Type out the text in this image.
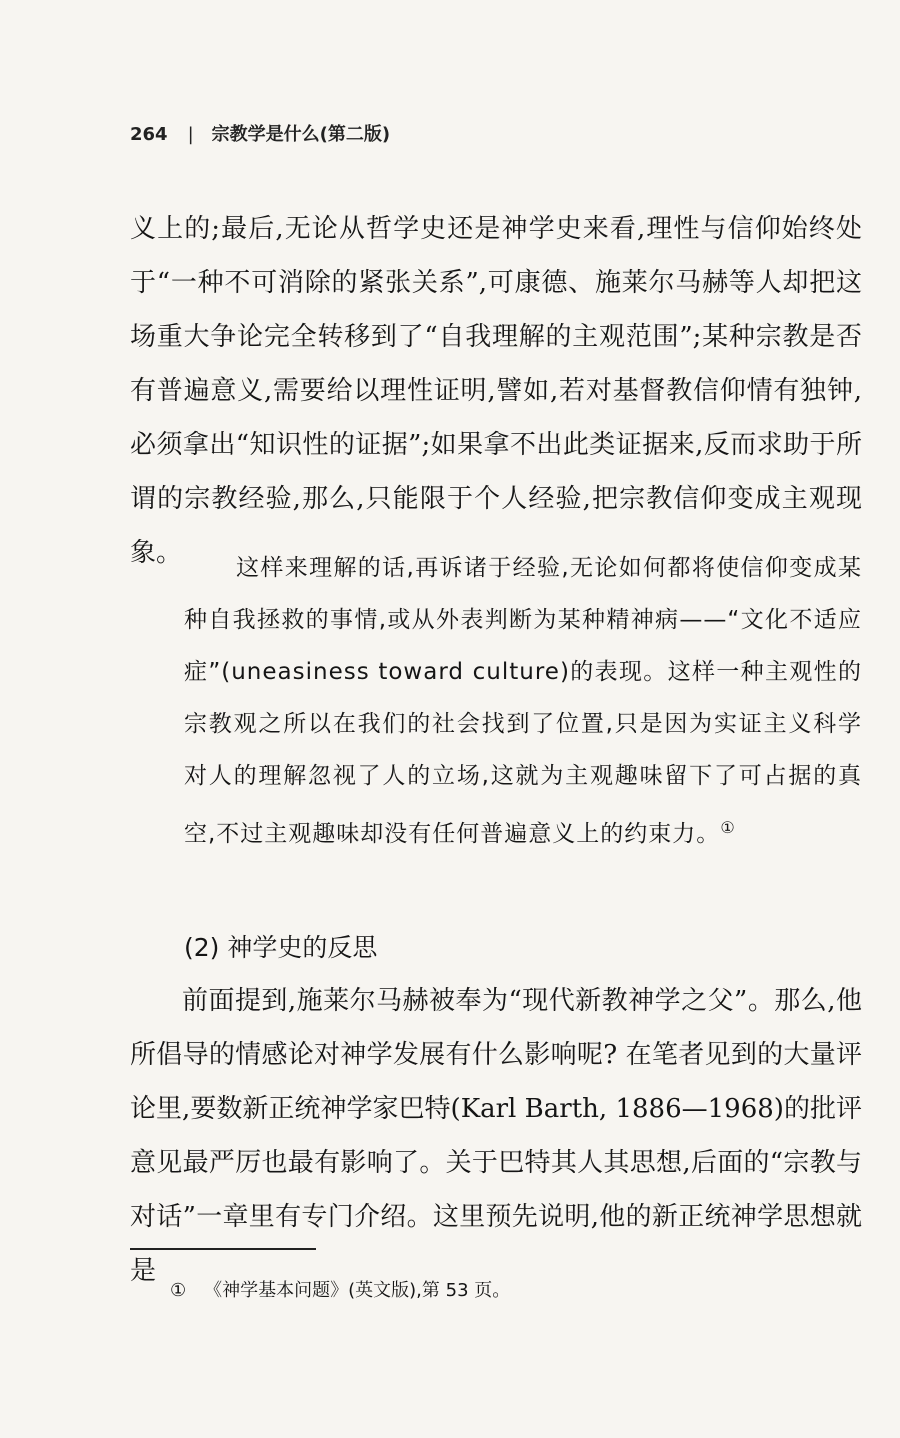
264 | 宗教学是什么(第二版)

义上的;最后,无论从哲学史还是神学史来看,理性与信仰始终处于“一种不可消除的紧张关系”,可康德、施莱尔马赫等人却把这场重大争论完全转移到了“自我理解的主观范围”;某种宗教是否有普遍意义,需要给以理性证明,譬如,若对基督教信仰情有独钟,必须拿出“知识性的证据”;如果拿不出此类证据来,反而求助于所谓的宗教经验,那么,只能限于个人经验,把宗教信仰变成主观现象。	这样来理解的话,再诉诸于经验,无论如何都将使信仰变成某种自我拯救的事情,或从外表判断为某种精神病——“文化不适应症”(uneasiness toward culture)的表现。这样一种主观性的宗教观之所以在我们的社会找到了位置,只是因为实证主义科学对人的理解忽视了人的立场,这就为主观趣味留下了可占据的真空,不过主观趣味却没有任何普遍意义上的约束力。①

(2) 神学史的反思

前面提到,施莱尔马赫被奉为“现代新教神学之父”。那么,他所倡导的情感论对神学发展有什么影响呢? 在笔者见到的大量评论里,要数新正统神学家巴特(Karl Barth, 1886—1968)的批评意见最严厉也最有影响了。关于巴特其人其思想,后面的“宗教与对话”一章里有专门介绍。这里预先说明,他的新正统神学思想就是

① 《神学基本问题》(英文版),第 53 页。
